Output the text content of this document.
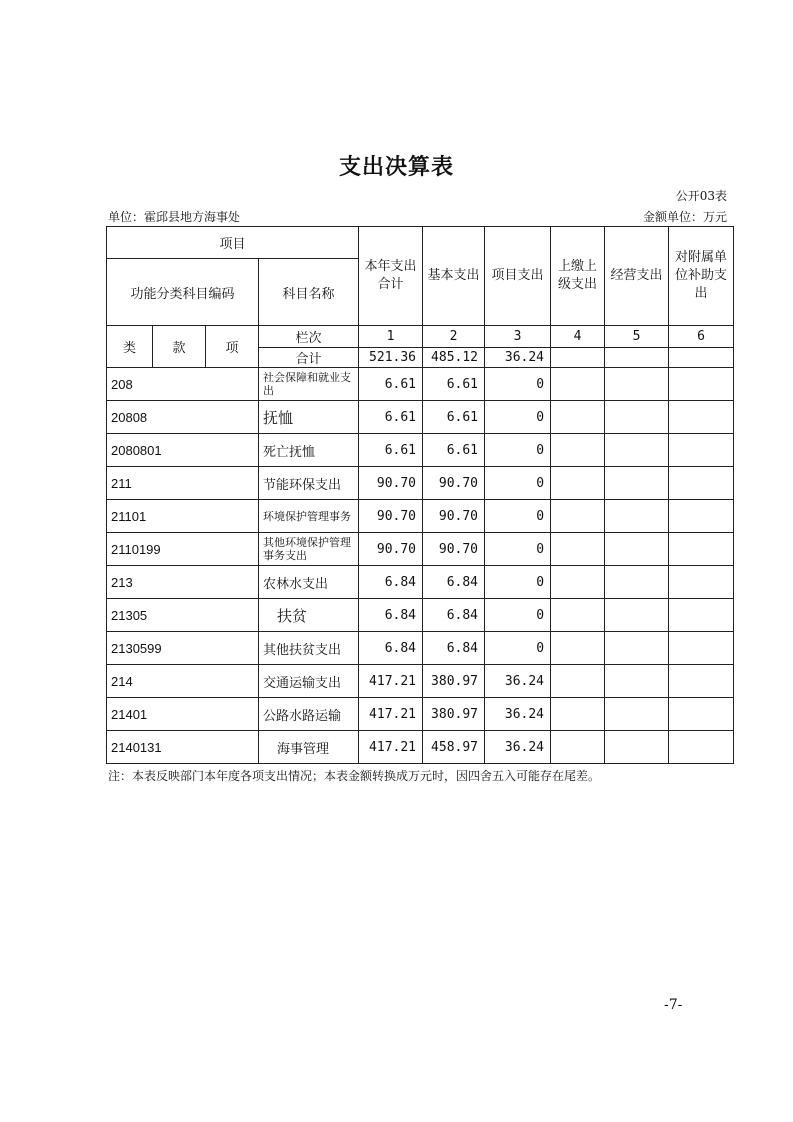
支出决算表
公开03表
单位：霍邱县地方海事处	金额单位：万元
项目				本年支出合计	基本支出	项目支出	上缴上级支出	经营支出	对附属单位补助支出
功能分类科目编码			科目名称						
类	款	项	栏次	1	2	3	4	5	6
			合计	521.36	485.12	36.24			
208			社会保障和就业支出	6.61	6.61	0			
20808			抚恤	6.61	6.61	0			
2080801			死亡抚恤	6.61	6.61	0			
211			节能环保支出	90.70	90.70	0			
21101			环境保护管理事务	90.70	90.70	0			
2110199			其他环境保护管理事务支出	90.70	90.70	0			
213			农林水支出	6.84	6.84	0			
21305			扶贫	6.84	6.84	0			
2130599			其他扶贫支出	6.84	6.84	0			
214			交通运输支出	417.21	380.97	36.24			
21401			公路水路运输	417.21	380.97	36.24			
2140131			海事管理	417.21	458.97	36.24			
注：本表反映部门本年度各项支出情况；本表金额转换成万元时，因四舍五入可能存在尾差。
-7-
